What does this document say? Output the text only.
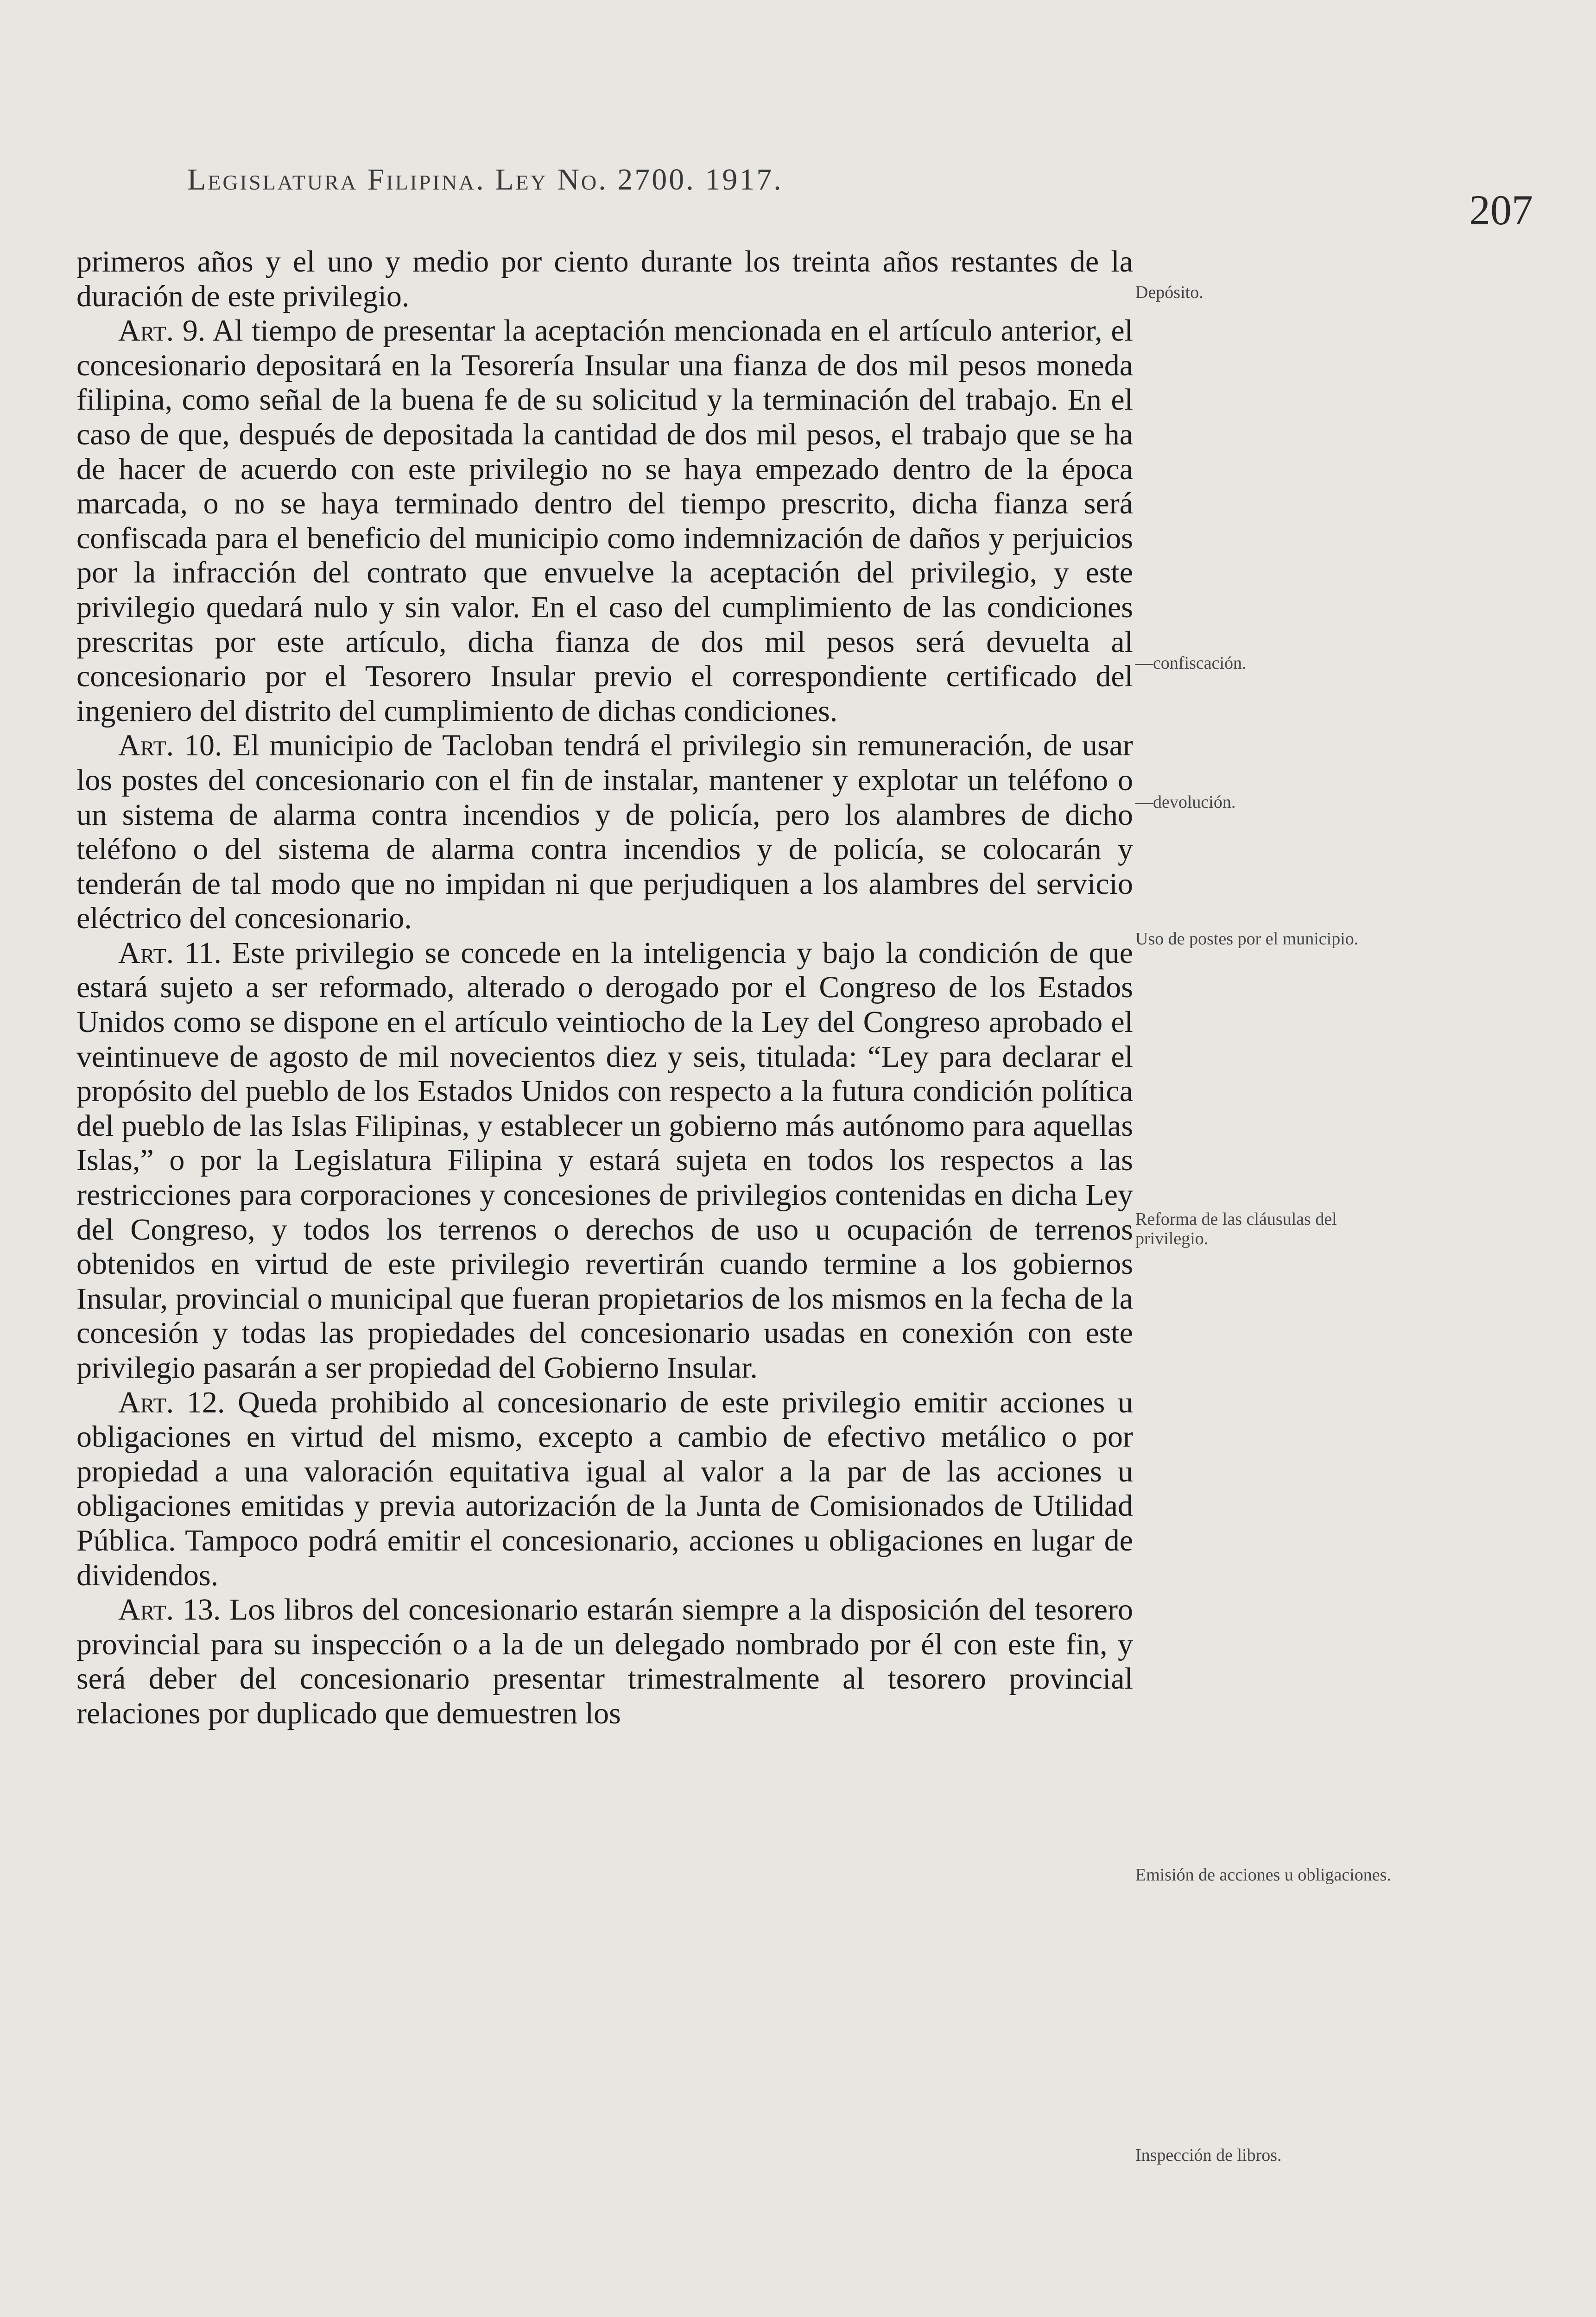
Legislatura Filipina. Ley No. 2700. 1917.
207

primeros años y el uno y medio por ciento durante los treinta años restantes de la duración de este privilegio.

Art. 9. Al tiempo de presentar la aceptación mencionada en el artículo anterior, el concesionario depositará en la Tesorería Insular una fianza de dos mil pesos moneda filipina, como señal de la buena fe de su solicitud y la terminación del trabajo. En el caso de que, después de depositada la cantidad de dos mil pesos, el trabajo que se ha de hacer de acuerdo con este privilegio no se haya empezado dentro de la época marcada, o no se haya terminado dentro del tiempo prescrito, dicha fianza será confiscada para el beneficio del municipio como indemnización de daños y perjuicios por la infracción del contrato que envuelve la aceptación del privilegio, y este privilegio quedará nulo y sin valor. En el caso del cumplimiento de las condiciones prescritas por este artículo, dicha fianza de dos mil pesos será devuelta al concesionario por el Tesorero Insular previo el correspondiente certificado del ingeniero del distrito del cumplimiento de dichas condiciones.

Art. 10. El municipio de Tacloban tendrá el privilegio sin remuneración, de usar los postes del concesionario con el fin de instalar, mantener y explotar un teléfono o un sistema de alarma contra incendios y de policía, pero los alambres de dicho teléfono o del sistema de alarma contra incendios y de policía, se colocarán y tenderán de tal modo que no impidan ni que perjudiquen a los alambres del servicio eléctrico del concesionario.

Art. 11. Este privilegio se concede en la inteligencia y bajo la condición de que estará sujeto a ser reformado, alterado o derogado por el Congreso de los Estados Unidos como se dispone en el artículo veintiocho de la Ley del Congreso aprobado el veintinueve de agosto de mil novecientos diez y seis, titulada: “Ley para declarar el propósito del pueblo de los Estados Unidos con respecto a la futura condición política del pueblo de las Islas Filipinas, y establecer un gobierno más autónomo para aquellas Islas,” o por la Legislatura Filipina y estará sujeta en todos los respectos a las restricciones para corporaciones y concesiones de privilegios contenidas en dicha Ley del Congreso, y todos los terrenos o derechos de uso u ocupación de terrenos obtenidos en virtud de este privilegio revertirán cuando termine a los gobiernos Insular, provincial o municipal que fueran propietarios de los mismos en la fecha de la concesión y todas las propiedades del concesionario usadas en conexión con este privilegio pasarán a ser propiedad del Gobierno Insular.

Art. 12. Queda prohibido al concesionario de este privilegio emitir acciones u obligaciones en virtud del mismo, excepto a cambio de efectivo metálico o por propiedad a una valoración equitativa igual al valor a la par de las acciones u obligaciones emitidas y previa autorización de la Junta de Comisionados de Utilidad Pública. Tampoco podrá emitir el concesionario, acciones u obligaciones en lugar de dividendos.

Art. 13. Los libros del concesionario estarán siempre a la disposición del tesorero provincial para su inspección o a la de un delegado nombrado por él con este fin, y será deber del concesionario presentar trimestralmente al tesorero provincial relaciones por duplicado que demuestren los

Depósito.
—confiscación.
—devolución.
Uso de postes por el municipio.
Reforma de las cláusulas del privilegio.
Emisión de acciones u obligaciones.
Inspección de libros.
